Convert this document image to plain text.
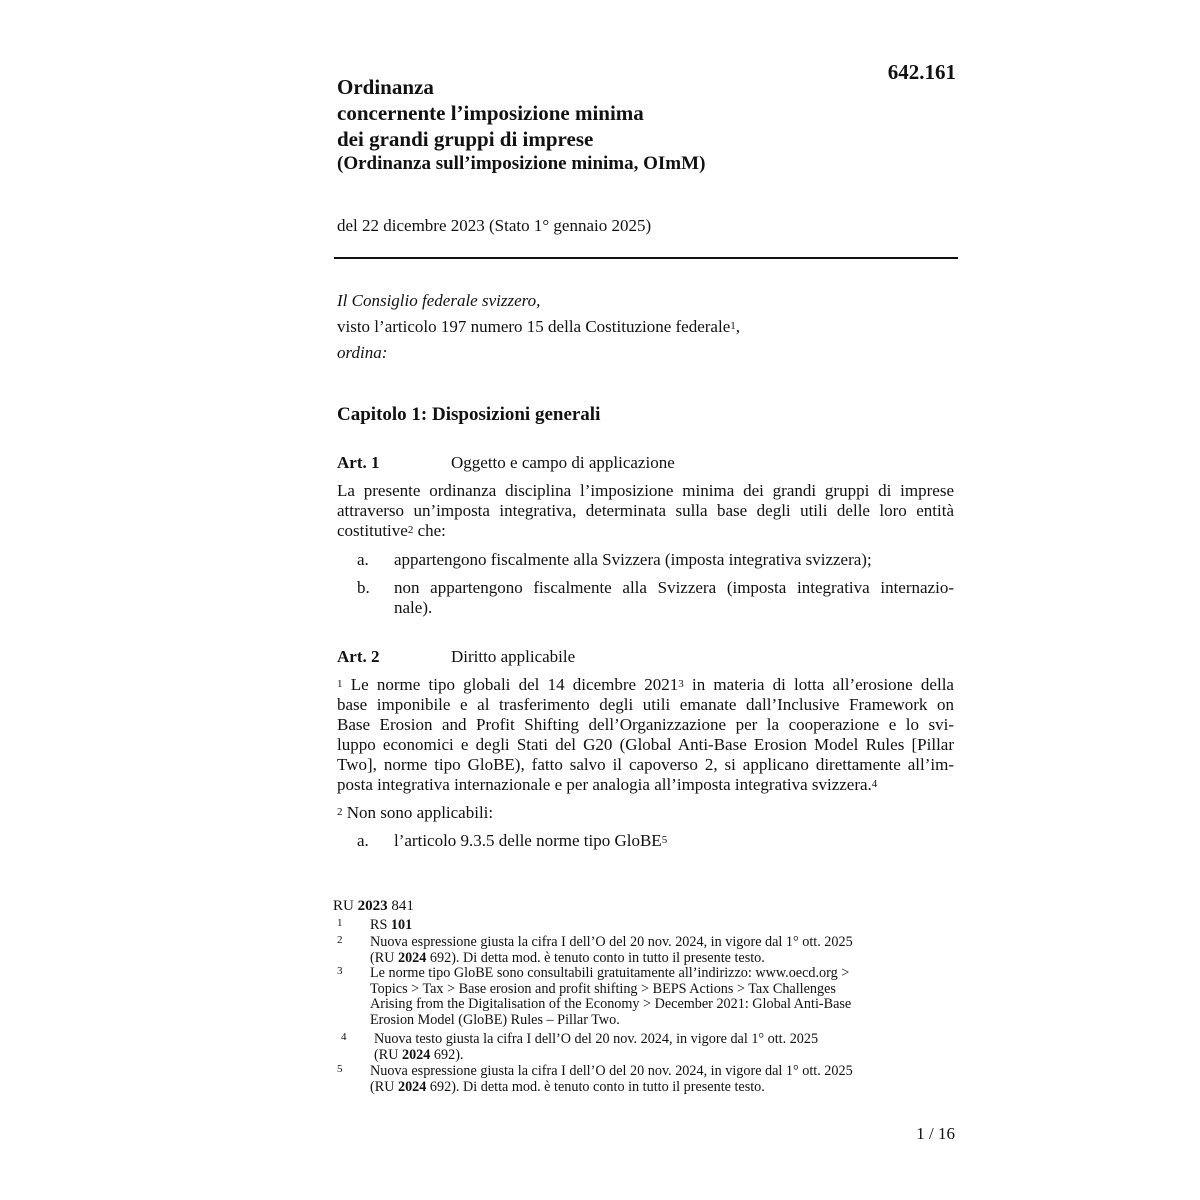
642.161
Ordinanza
concernente l’imposizione minima
dei grandi gruppi di imprese
(Ordinanza sull’imposizione minima, OImM)
del 22 dicembre 2023 (Stato 1° gennaio 2025)
Il Consiglio federale svizzero,
visto l’articolo 197 numero 15 della Costituzione federale$^1$,
ordina:
Capitolo 1: Disposizioni generali
Art. 1	Oggetto e campo di applicazione
La presente ordinanza disciplina l’imposizione minima dei grandi gruppi di imprese
attraverso un’imposta integrativa, determinata sulla base degli utili delle loro entità
costitutive$^2$ che:
a. appartengono fiscalmente alla Svizzera (imposta integrativa svizzera);
b. non appartengono fiscalmente alla Svizzera (imposta integrativa internazio-
nale).
Art. 2	Diritto applicabile
$^1$ Le norme tipo globali del 14 dicembre 2021$^3$ in materia di lotta all’erosione della
base imponibile e al trasferimento degli utili emanate dall’Inclusive Framework on
Base Erosion and Profit Shifting dell’Organizzazione per la cooperazione e lo svi-
luppo economici e degli Stati del G20 (Global Anti-Base Erosion Model Rules [Pillar
Two], norme tipo GloBE), fatto salvo il capoverso 2, si applicano direttamente all’im-
posta integrativa internazionale e per analogia all’imposta integrativa svizzera.$^4$
$^2$ Non sono applicabili:
a. l’articolo 9.3.5 delle norme tipo GloBE$^5$
RU 2023 841
1 RS 101
2 Nuova espressione giusta la cifra I dell’O del 20 nov. 2024, in vigore dal 1° ott. 2025
(RU 2024 692). Di detta mod. è tenuto conto in tutto il presente testo.
3 Le norme tipo GloBE sono consultabili gratuitamente all’indirizzo: www.oecd.org >
Topics > Tax > Base erosion and profit shifting > BEPS Actions > Tax Challenges
Arising from the Digitalisation of the Economy > December 2021: Global Anti-Base
Erosion Model (GloBE) Rules – Pillar Two.
4 Nuova testo giusta la cifra I dell’O del 20 nov. 2024, in vigore dal 1° ott. 2025
(RU 2024 692).
5 Nuova espressione giusta la cifra I dell’O del 20 nov. 2024, in vigore dal 1° ott. 2025
(RU 2024 692). Di detta mod. è tenuto conto in tutto il presente testo.
1 / 16
